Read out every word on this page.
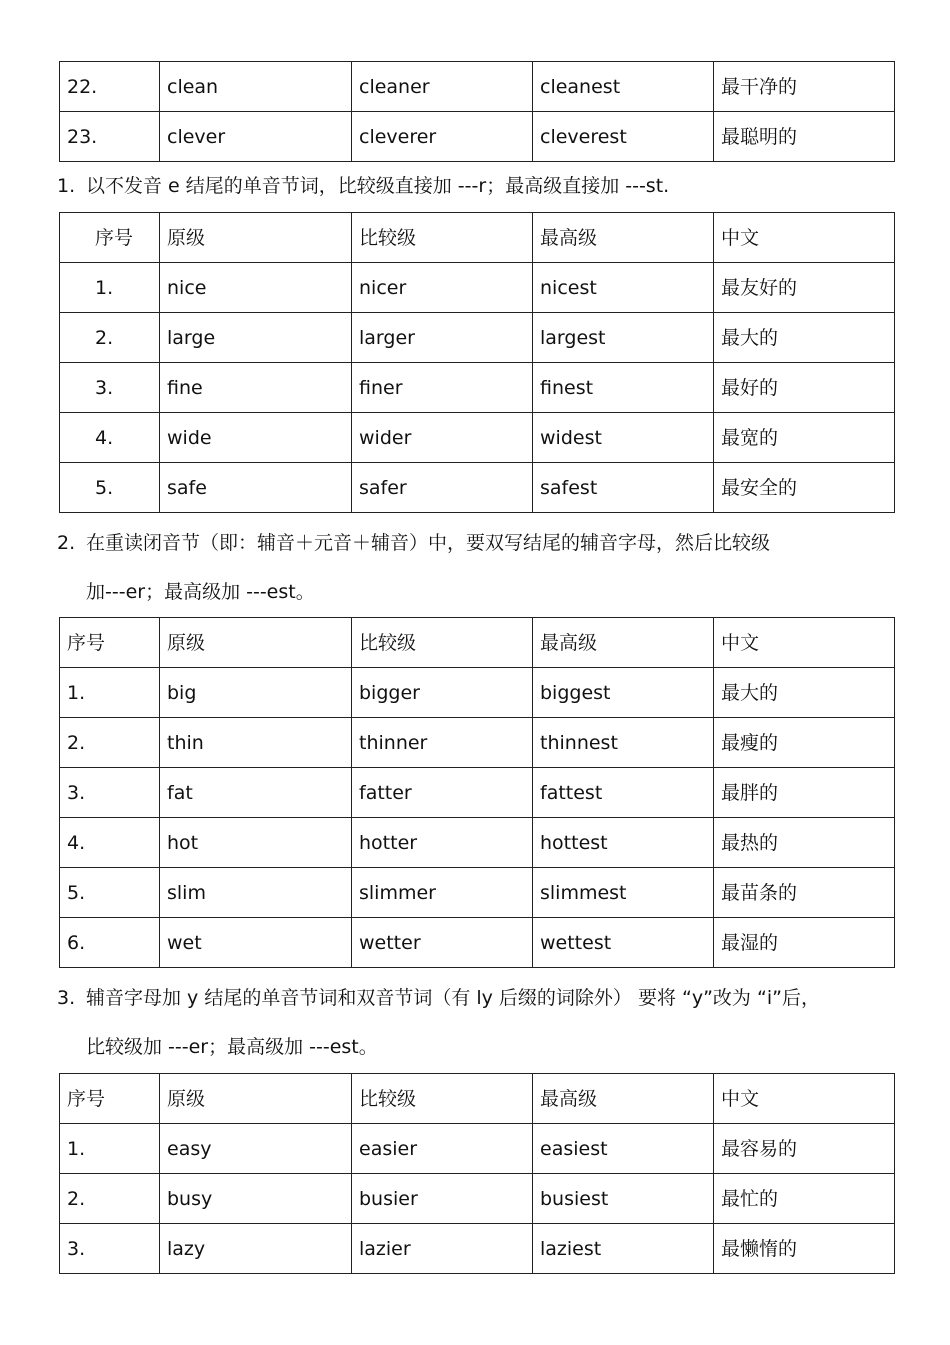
22.	clean	cleaner	cleanest	最干净的
23.	clever	cleverer	cleverest	最聪明的
1. 以不发音 e 结尾的单音节词，比较级直接加 ---r；最高级直接加 ---st.
序号	原级	比较级	最高级	中文
1.	nice	nicer	nicest	最友好的
2.	large	larger	largest	最大的
3.	fine	finer	finest	最好的
4.	wide	wider	widest	最宽的
5.	safe	safer	safest	最安全的
2. 在重读闭音节（即：辅音＋元音＋辅音）中，要双写结尾的辅音字母，然后比较级
加---er；最高级加 ---est。
序号	原级	比较级	最高级	中文
1.	big	bigger	biggest	最大的
2.	thin	thinner	thinnest	最瘦的
3.	fat	fatter	fattest	最胖的
4.	hot	hotter	hottest	最热的
5.	slim	slimmer	slimmest	最苗条的
6.	wet	wetter	wettest	最湿的
3. 辅音字母加 y 结尾的单音节词和双音节词（有 ly 后缀的词除外） 要将 “y”改为 “i”后，
比较级加 ---er；最高级加 ---est。
序号	原级	比较级	最高级	中文
1.	easy	easier	easiest	最容易的
2.	busy	busier	busiest	最忙的
3.	lazy	lazier	laziest	最懒惰的
